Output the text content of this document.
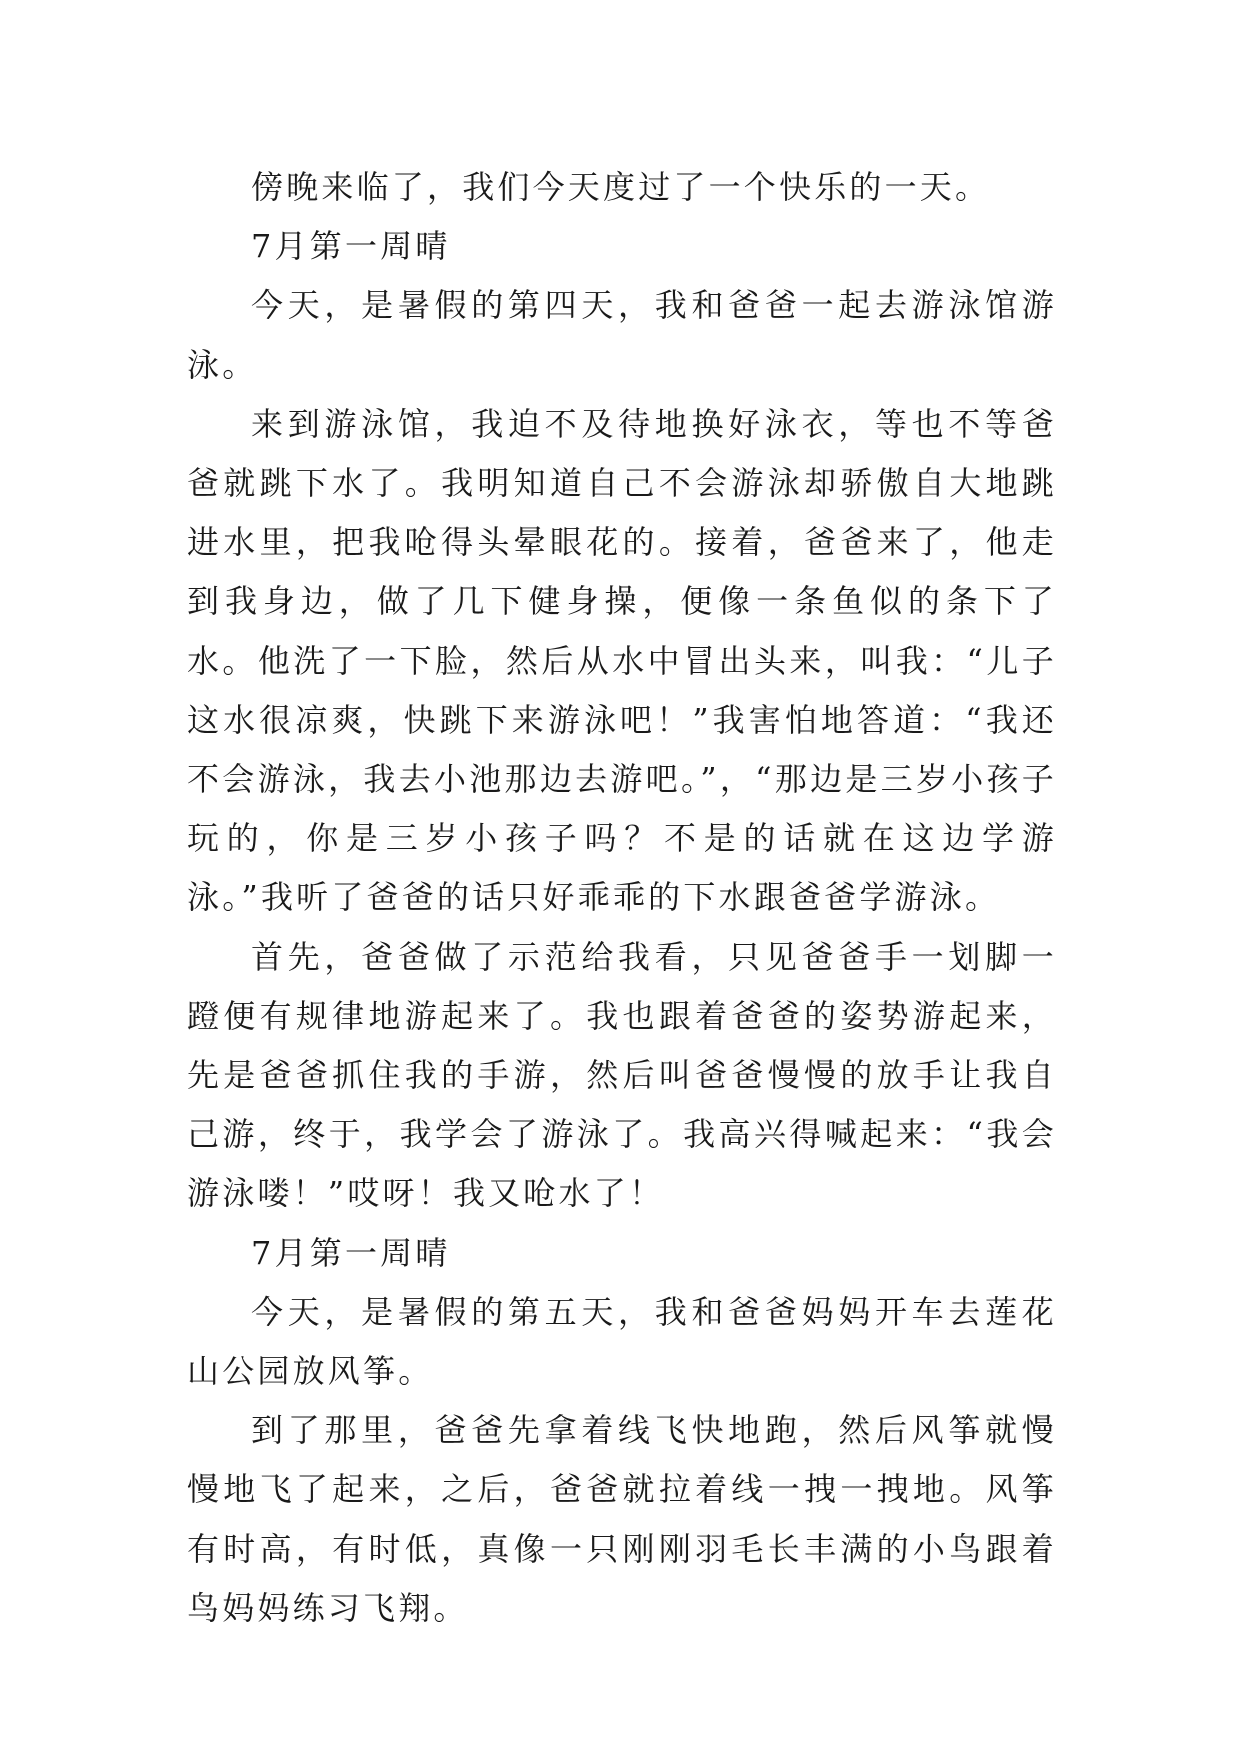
傍晚来临了，我们今天度过了一个快乐的一天。

7月第一周晴

今天，是暑假的第四天，我和爸爸一起去游泳馆游泳。

来到游泳馆，我迫不及待地换好泳衣，等也不等爸爸就跳下水了。我明知道自己不会游泳却骄傲自大地跳进水里，把我呛得头晕眼花的。接着，爸爸来了，他走到我身边，做了几下健身操，便像一条鱼似的条下了水。他洗了一下脸，然后从水中冒出头来，叫我：“儿子这水很凉爽，快跳下来游泳吧！”我害怕地答道：“我还不会游泳，我去小池那边去游吧。”，“那边是三岁小孩子玩的，你是三岁小孩子吗？不是的话就在这边学游泳。”我听了爸爸的话只好乖乖的下水跟爸爸学游泳。

首先，爸爸做了示范给我看，只见爸爸手一划脚一蹬便有规律地游起来了。我也跟着爸爸的姿势游起来，先是爸爸抓住我的手游，然后叫爸爸慢慢的放手让我自己游，终于，我学会了游泳了。我高兴得喊起来：“我会游泳喽！”哎呀！我又呛水了！

7月第一周晴

今天，是暑假的第五天，我和爸爸妈妈开车去莲花山公园放风筝。

到了那里，爸爸先拿着线飞快地跑，然后风筝就慢慢地飞了起来，之后，爸爸就拉着线一拽一拽地。风筝有时高，有时低，真像一只刚刚羽毛长丰满的小鸟跟着鸟妈妈练习飞翔。
